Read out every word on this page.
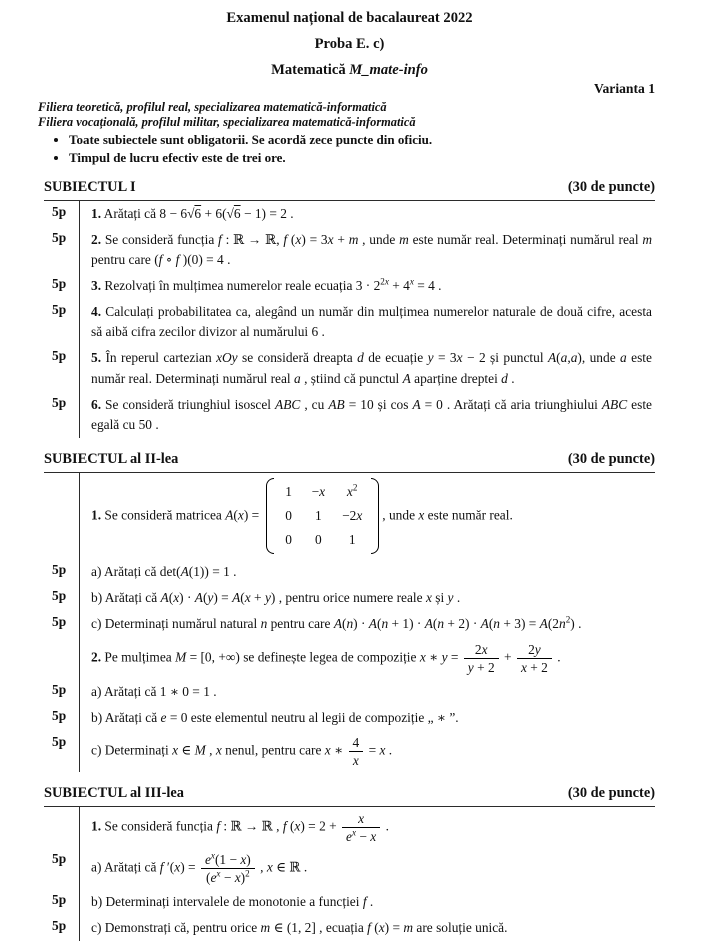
Examenul național de bacalaureat 2022
Proba E. c)
Matematică M_mate-info
Varianta 1
Filiera teoretică, profilul real, specializarea matematică-informatică
Filiera vocațională, profilul militar, specializarea matematică-informatică
• Toate subiectele sunt obligatorii. Se acordă zece puncte din oficiu.
• Timpul de lucru efectiv este de trei ore.
SUBIECTUL I	(30 de puncte)
5p	1. Arătați că 8 − 6√6 + 6(√6 − 1) = 2 .
5p	2. Se consideră funcția f : ℝ → ℝ, f (x) = 3x + m , unde m este număr real. Determinați numărul real m pentru care (f ∘ f )(0) = 4 .
5p	3. Rezolvați în mulțimea numerelor reale ecuația $3 \cdot 2^{2x} + 4^x = 4$ .
5p	4. Calculați probabilitatea ca, alegând un număr din mulțimea numerelor naturale de două cifre, acesta să aibă cifra zecilor divizor al numărului 6 .
5p	5. În reperul cartezian xOy se consideră dreapta d de ecuație y = 3x − 2 și punctul A(a,a), unde a este număr real. Determinați numărul real a , știind că punctul A aparține dreptei d .
5p	6. Se consideră triunghiul isoscel ABC , cu AB = 10 și cos A = 0 . Arătați că aria triunghiului ABC este egală cu 50 .
SUBIECTUL al II-lea	(30 de puncte)
1. Se consideră matricea A(x) =
1 −x	$x^2$
0 1 −2x
0 0	1
, unde x este număr real.
5p	a) Arătați că det(A(1)) = 1 .
5p	b) Arătați că A(x) · A(y) = A(x + y) , pentru orice numere reale x și y .
5p	c) Determinați numărul natural n pentru care $A(n) \cdot A(n + 1) \cdot A(n + 2) \cdot A(n + 3) = A(2n^2)$ .
2. Pe mulțimea M = [0, +∞) se definește legea de compoziție x ∗ $y = \frac{2x}{y + 2} + \frac{2y}{x + 2}$ .
5p	a) Arătați că 1 ∗ 0 = 1 .
5p	b) Arătați că e = 0 este elementul neutru al legii de compoziție „ ∗ ”.
5p
c) Determinați x ∈ M , x nenul, pentru care x ∗ $\frac{4}{x} = x$ .
SUBIECTUL al III-lea	(30 de puncte)
1. Se consideră funcția f : ℝ → ℝ , f $(x) = 2 + \frac{x}{e^x - x}$ .
5p
a) Arătați că f $'(x) = \frac{e^x(1 - x)}{(e^x - x)^2}$ , x ∈ ℝ .
5p	b) Determinați intervalele de monotonie a funcției f .
5p	c) Demonstrați că, pentru orice m ∈ (1, 2] , ecuația f (x) = m are soluție unică.
